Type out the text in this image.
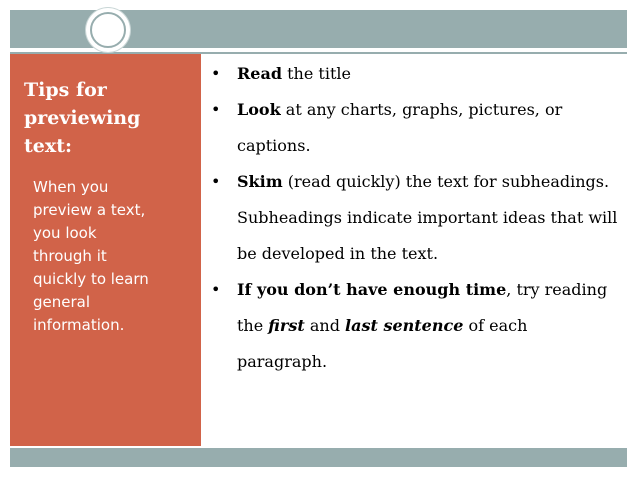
Tips for
previewing
text:
When you
preview a text,
you look
through it
quickly to learn
general
information.
•	Read the title
•	Look at any charts, graphs, pictures, or captions.
•	Skim (read quickly) the text for subheadings. Subheadings indicate important ideas that will be developed in the text.
•	If you don’t have enough time, try reading the first and last sentence of each paragraph.
